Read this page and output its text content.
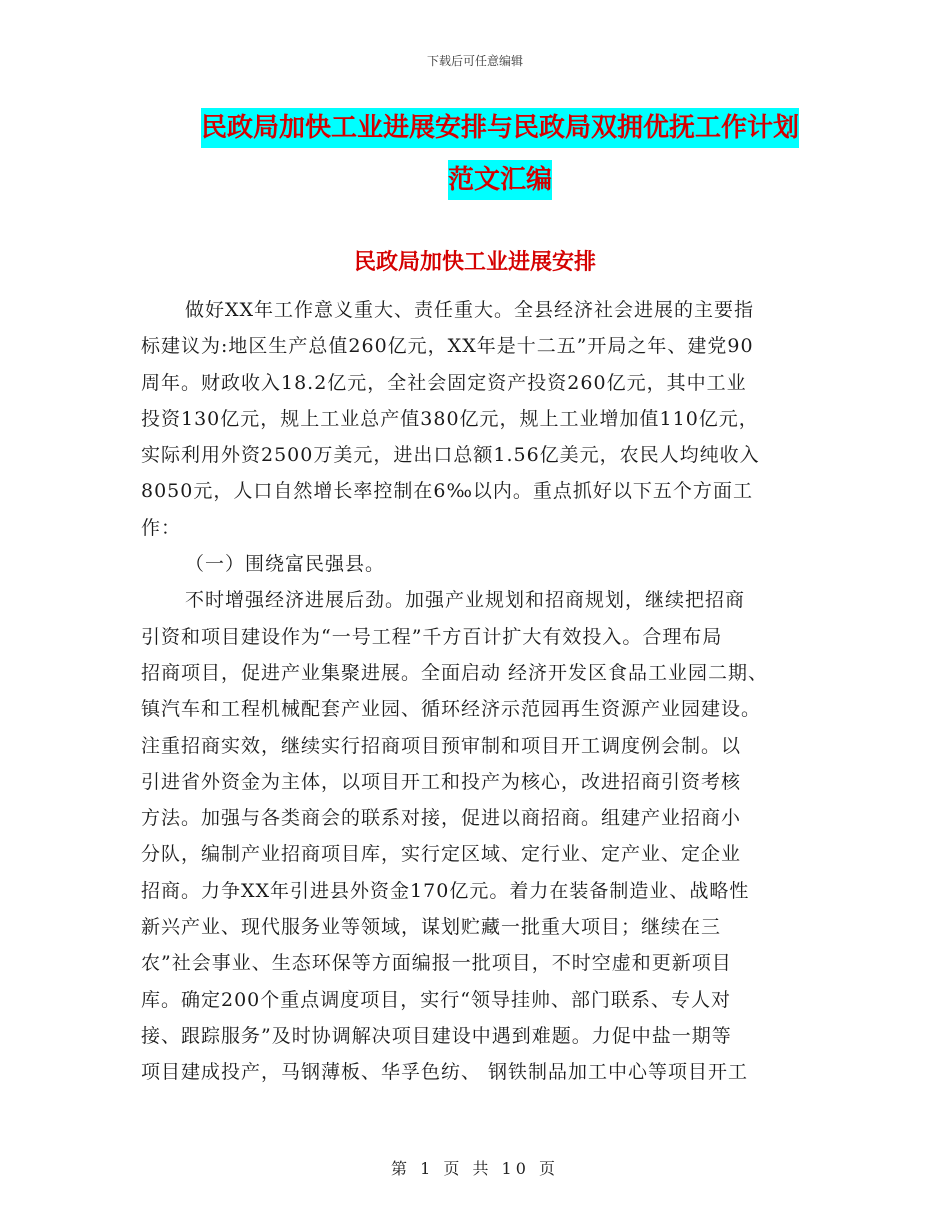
下载后可任意编辑
民政局加快工业进展安排与民政局双拥优抚工作计划
范文汇编
民政局加快工业进展安排
做好XX年工作意义重大、责任重大。全县经济社会进展的主要指
标建议为:地区生产总值260亿元，XX年是十二五”开局之年、建党90
周年。财政收入18.2亿元，全社会固定资产投资260亿元，其中工业
投资130亿元，规上工业总产值380亿元，规上工业增加值110亿元，
实际利用外资2500万美元，进出口总额1.56亿美元，农民人均纯收入
8050元，人口自然增长率控制在6‰以内。重点抓好以下五个方面工
作：
（一）围绕富民强县。
不时增强经济进展后劲。加强产业规划和招商规划，继续把招商
引资和项目建设作为“一号工程”千方百计扩大有效投入。合理布局
招商项目，促进产业集聚进展。全面启动 经济开发区食品工业园二期、
镇汽车和工程机械配套产业园、循环经济示范园再生资源产业园建设。
注重招商实效，继续实行招商项目预审制和项目开工调度例会制。以
引进省外资金为主体，以项目开工和投产为核心，改进招商引资考核
方法。加强与各类商会的联系对接，促进以商招商。组建产业招商小
分队，编制产业招商项目库，实行定区域、定行业、定产业、定企业
招商。力争XX年引进县外资金170亿元。着力在装备制造业、战略性
新兴产业、现代服务业等领域，谋划贮藏一批重大项目；继续在三
农”社会事业、生态环保等方面编报一批项目，不时空虚和更新项目
库。确定200个重点调度项目，实行“领导挂帅、部门联系、专人对
接、跟踪服务”及时协调解决项目建设中遇到难题。力促中盐一期等
项目建成投产，马钢薄板、华孚色纺、 钢铁制品加工中心等项目开工
第 1 页 共 10 页
